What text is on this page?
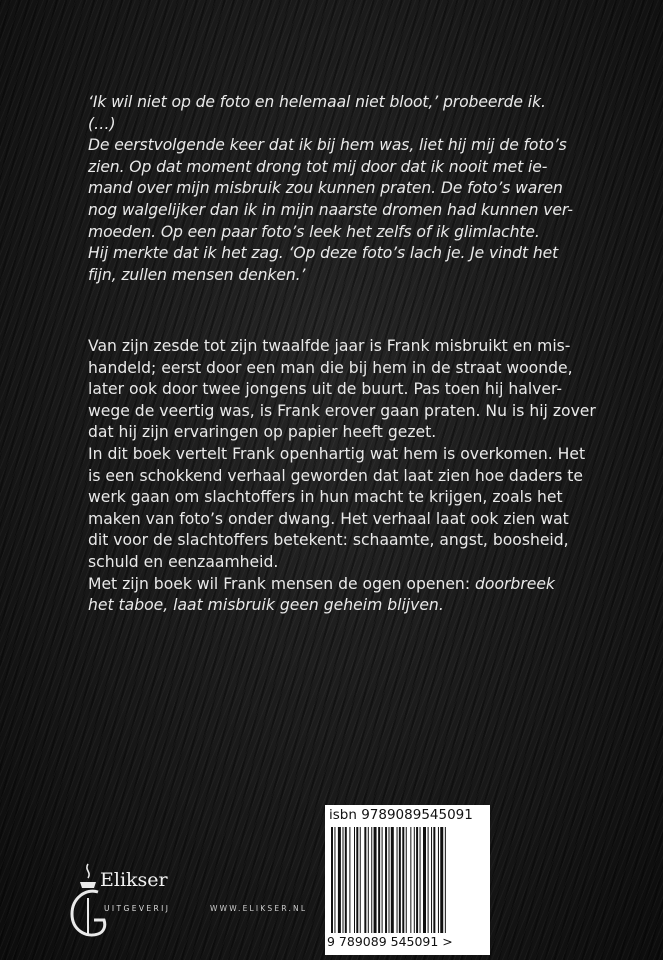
‘Ik wil niet op de foto en helemaal niet bloot,’ probeerde ik.
(…)
De eerstvolgende keer dat ik bij hem was, liet hij mij de foto’s
zien. Op dat moment drong tot mij door dat ik nooit met ie-
mand over mijn misbruik zou kunnen praten. De foto’s waren
nog walgelijker dan ik in mijn naarste dromen had kunnen ver-
moeden. Op een paar foto’s leek het zelfs of ik glimlachte.
Hij merkte dat ik het zag. ‘Op deze foto’s lach je. Je vindt het
fijn, zullen mensen denken.’
Van zijn zesde tot zijn twaalfde jaar is Frank misbruikt en mis-
handeld; eerst door een man die bij hem in de straat woonde,
later ook door twee jongens uit de buurt. Pas toen hij halver-
wege de veertig was, is Frank erover gaan praten. Nu is hij zover
dat hij zijn ervaringen op papier heeft gezet.
In dit boek vertelt Frank openhartig wat hem is overkomen. Het
is een schokkend verhaal geworden dat laat zien hoe daders te
werk gaan om slachtoffers in hun macht te krijgen, zoals het
maken van foto’s onder dwang. Het verhaal laat ook zien wat
dit voor de slachtoffers betekent: schaamte, angst, boosheid,
schuld en eenzaamheid.
Met zijn boek wil Frank mensen de ogen openen: doorbreek
het taboe, laat misbruik geen geheim blijven.
isbn 9789089545091
9 789089 545091 >
Elikser
UITGEVERIJ	WWW.ELIKSER.NL
